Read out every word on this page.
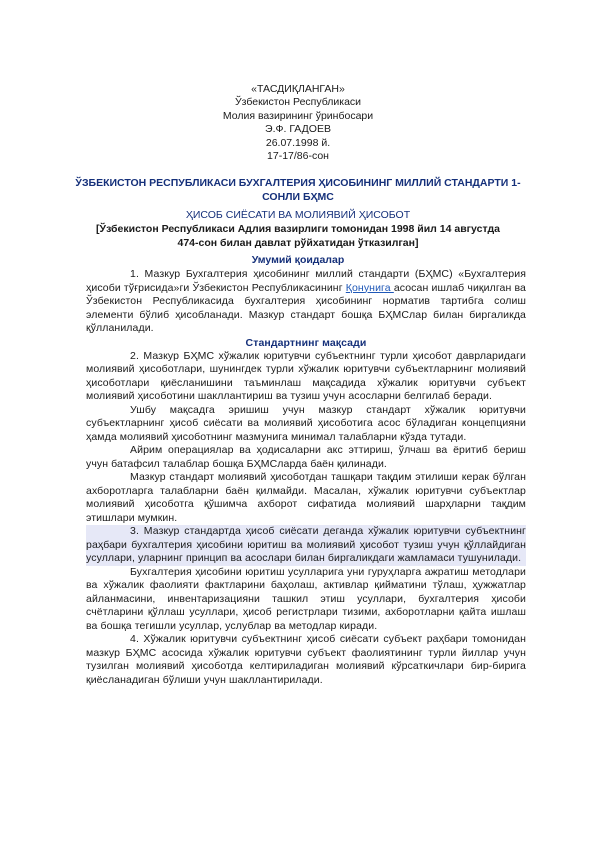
«ТАСДИҚЛАНГАН»
Ўзбекистон Республикаси
Молия вазирининг ўринбосари
Э.Ф. ГАДОЕВ
26.07.1998 й.
17-17/86-сон
ЎЗБЕКИСТОН РЕСПУБЛИКАСИ БУХГАЛТЕРИЯ ҲИСОБИНИНГ МИЛЛИЙ СТАНДАРТИ 1-СОНЛИ БҲМС
ҲИСОБ СИЁСАТИ ВА МОЛИЯВИЙ ҲИСОБОТ
[Ўзбекистон Республикаси Адлия вазирлиги томонидан 1998 йил 14 августда 474-сон билан давлат рўйхатидан ўтказилган]
Умумий қоидалар

1. Мазкур Бухгалтерия ҳисобининг миллий стандарти (БҲМС) «Бухгалтерия ҳисоби тўғрисида»ги Ўзбекистон Республикасининг Қонунига асосан ишлаб чиқилган ва Ўзбекистон Республикасида бухгалтерия ҳисобининг норматив тартибга солиш элементи бўлиб ҳисобланади. Мазкур стандарт бошқа БҲМСлар билан биргаликда қўлланилади.

Стандартнинг мақсади

2. Мазкур БҲМС хўжалик юритувчи субъектнинг турли ҳисобот даврларидаги молиявий ҳисоботлари, шунингдек турли хўжалик юритувчи субъектларнинг молиявий ҳисоботлари қиёсланишини таъминлаш мақсадида хўжалик юритувчи субъект молиявий ҳисоботини шакллантириш ва тузиш учун асосларни белгилаб беради.

Ушбу мақсадга эришиш учун мазкур стандарт хўжалик юритувчи субъектларнинг ҳисоб сиёсати ва молиявий ҳисоботига асос бўладиган концепцияни ҳамда молиявий ҳисоботнинг мазмунига минимал талабларни кўзда тутади.

Айрим операциялар ва ҳодисаларни акс эттириш, ўлчаш ва ёритиб бериш учун батафсил талаблар бошқа БҲМСларда баён қилинади.

Мазкур стандарт молиявий ҳисоботдан ташқари тақдим этилиши керак бўлган ахборотларга талабларни баён қилмайди. Масалан, хўжалик юритувчи субъектлар молиявий ҳисоботга қўшимча ахборот сифатида молиявий шарҳларни тақдим этишлари мумкин.

3. Мазкур стандартда ҳисоб сиёсати деганда хўжалик юритувчи субъектнинг раҳбари бухгалтерия ҳисобини юритиш ва молиявий ҳисобот тузиш учун қўллайдиган усуллари, уларнинг принцип ва асослари билан биргаликдаги жамламаси тушунилади.

Бухгалтерия ҳисобини юритиш усулларига уни гуруҳларга ажратиш методлари ва хўжалик фаолияти фактларини баҳолаш, активлар қийматини тўлаш, ҳужжатлар айланмасини, инвентаризацияни ташкил этиш усуллари, бухгалтерия ҳисоби счётларини қўллаш усуллари, ҳисоб регистрлари тизими, ахборотларни қайта ишлаш ва бошқа тегишли усуллар, услублар ва методлар киради.

4. Хўжалик юритувчи субъектнинг ҳисоб сиёсати субъект раҳбари томонидан мазкур БҲМС асосида хўжалик юритувчи субъект фаолиятининг турли йиллар учун тузилган молиявий ҳисоботда келтириладиган молиявий кўрсаткичлари бир-бирига қиёсланадиган бўлиши учун шакллантирилади.
